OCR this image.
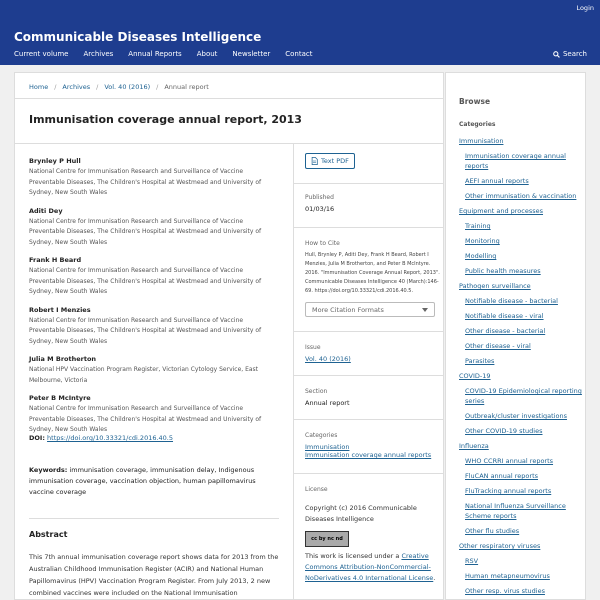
Login
Communicable Diseases Intelligence
Current volume Archives Annual Reports About Newsletter Contact	Search
Home / Archives / Vol. 40 (2016) / Annual report
Immunisation coverage annual report, 2013
Brynley P Hull
National Centre for Immunisation Research and Surveillance of Vaccine Preventable Diseases, The Children's Hospital at Westmead and University of Sydney, New South Wales
Aditi Dey
National Centre for Immunisation Research and Surveillance of Vaccine Preventable Diseases, The Children's Hospital at Westmead and University of Sydney, New South Wales
Frank H Beard
National Centre for Immunisation Research and Surveillance of Vaccine Preventable Diseases, The Children's Hospital at Westmead and University of Sydney, New South Wales
Robert I Menzies
National Centre for Immunisation Research and Surveillance of Vaccine Preventable Diseases, The Children's Hospital at Westmead and University of Sydney, New South Wales
Julia M Brotherton
National HPV Vaccination Program Register, Victorian Cytology Service, East Melbourne, Victoria
Peter B McIntyre
National Centre for Immunisation Research and Surveillance of Vaccine Preventable Diseases, The Children's Hospital at Westmead and University of Sydney, New South Wales
DOI: https://doi.org/10.33321/cdi.2016.40.5
Keywords: immunisation coverage, immunisation delay, Indigenous immunisation coverage, vaccination objection, human papillomavirus vaccine coverage
Abstract
This 7th annual immunisation coverage report shows data for 2013 from the Australian Childhood Immunisation Register (ACIR) and National Human Papillomavirus (HPV) Vaccination Program Register. From July 2013, 2 new combined vaccines were included on the National Immunisation
Text PDF
Published
01/03/16
How to Cite
Hull, Brynley P, Aditi Dey, Frank H Beard, Robert I Menzies, Julia M Brotherton, and Peter B McIntyre. 2016. "Immunisation Coverage Annual Report, 2013". Communicable Diseases Intelligence 40 (March):146-69. https://doi.org/10.33321/cdi.2016.40.5.
More Citation Formats
Issue
Vol. 40 (2016)
Section
Annual report
Categories
Immunisation
Immunisation coverage annual reports
License
Copyright (c) 2016 Communicable Diseases Intelligence
cc by nc nd
This work is licensed under a Creative Commons Attribution-NonCommercial-NoDerivatives 4.0 International License.
Browse
Categories
Immunisation
Immunisation coverage annual reports
AEFI annual reports
Other immunisation & vaccination
Equipment and processes
Training
Monitoring
Modelling
Public health measures
Pathogen surveillance
Notifiable disease - bacterial
Notifiable disease - viral
Other disease - bacterial
Other disease - viral
Parasites
COVID-19
COVID-19 Epidemiological reporting series
Outbreak/cluster investigations
Other COVID-19 studies
Influenza
WHO CCRRI annual reports
FluCAN annual reports
FluTracking annual reports
National Influenza Surveillance Scheme reports
Other flu studies
Other respiratory viruses
RSV
Human metapneumovirus
Other resp. virus studies
